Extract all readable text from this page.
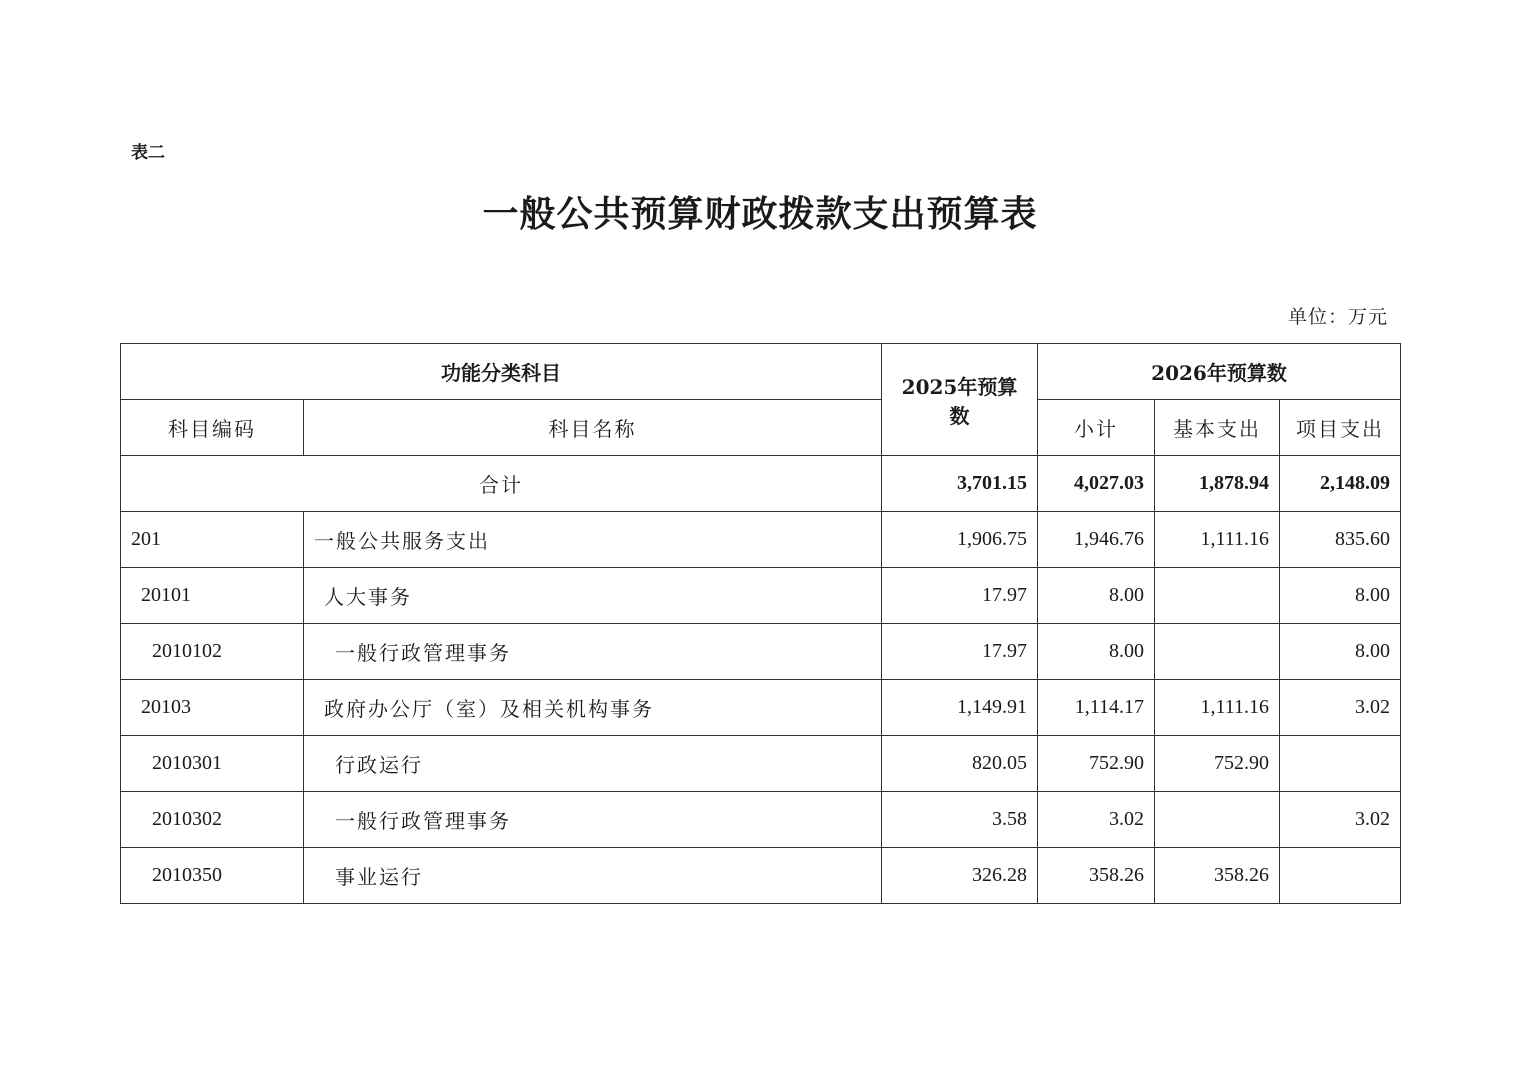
表二
一般公共预算财政拨款支出预算表
单位：万元
功能分类科目		2025年预算数	2026年预算数		
科目编码	科目名称		小计	基本支出	项目支出
合计		3,701.15	4,027.03	1,878.94	2,148.09
201	一般公共服务支出	1,906.75	1,946.76	1,111.16	835.60
20101	人大事务	17.97	8.00		8.00
2010102	一般行政管理事务	17.97	8.00		8.00
20103	政府办公厅（室）及相关机构事务	1,149.91	1,114.17	1,111.16	3.02
2010301	行政运行	820.05	752.90	752.90	
2010302	一般行政管理事务	3.58	3.02		3.02
2010350	事业运行	326.28	358.26	358.26	
